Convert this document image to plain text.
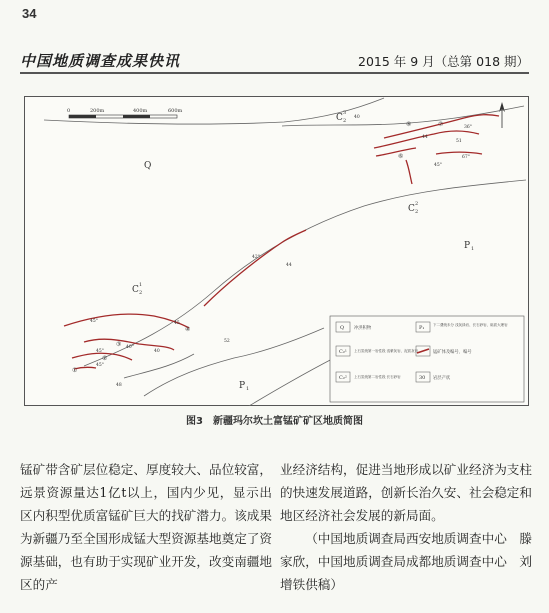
34
中国地质调查成果快讯	2015 年 9 月（总第 018 期）
0	200m	400m	600m
Q
C 3
2
C 2
2
C 1
2
P 1
P 1
40
36°
44
51
45°
67°
42°
44
45°	45
52
45°
40°
40
45°
48
⑧	⑦
⑥
④
③
②
①
Q 冲洪积物	P₁ 下二叠统未分 浅灰绿岩、长石砂岩、砾质大理岩
C₂¹ 上石炭统第一岩性段 浅紫灰岩、泥质灰岩	锰矿体及编号、编号
C₂² 上石炭统第二岩性段 长石砂岩	30 岩层产状
图3　新疆玛尔坎土富锰矿矿区地质简图

锰矿带含矿层位稳定、厚度较大、品位较富，远景资源量达1亿t以上，国内少见，显示出区内积型优质富锰矿巨大的找矿潜力。该成果为新疆乃至全国形成锰大型资源基地奠定了资源基础，也有助于实现矿业开发，改变南疆地区的产

业经济结构，促进当地形成以矿业经济为支柱的快速发展道路，创新长治久安、社会稳定和地区经济社会发展的新局面。

（中国地质调查局西安地质调查中心　滕家欣，中国地质调查局成都地质调查中心　刘增铁供稿）
